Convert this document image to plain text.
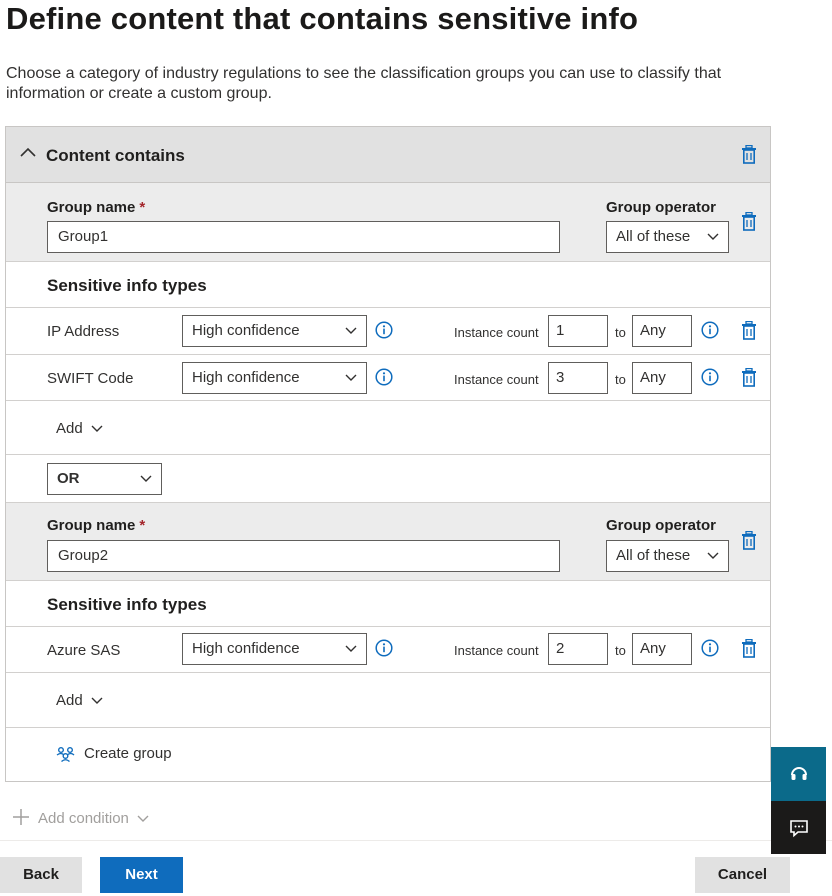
Define content that contains sensitive info

Choose a category of industry regulations to see the classification groups you can use to classify that information or create a custom group.

Content contains
Group name *
Group1
Group operator
All of these
Sensitive info types
IP Address	High confidence	Instance count	1	to Any
SWIFT Code	High confidence	Instance count	3	to Any
Add
OR
Group name *
Group2
Group operator
All of these
Sensitive info types
Azure SAS	High confidence	Instance count	2	to Any
Add
Create group
Add condition
Back	Next	Cancel
